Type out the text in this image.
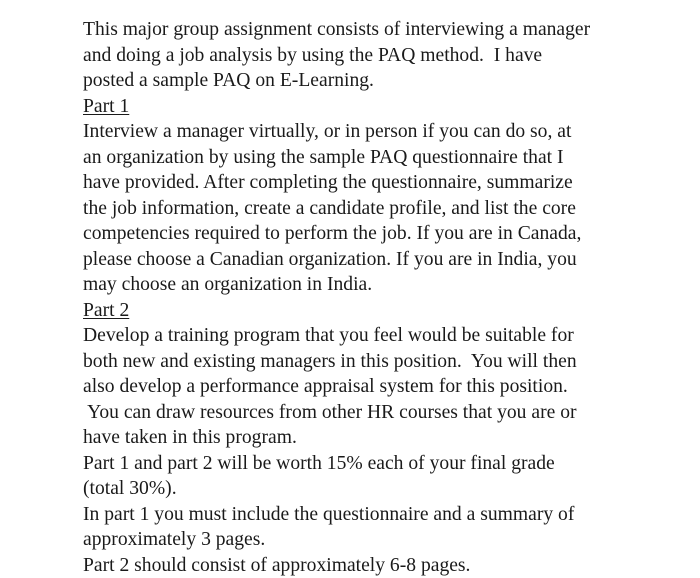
This major group assignment consists of interviewing a manager
and doing a job analysis by using the PAQ method.  I have
posted a sample PAQ on E-Learning.
Part 1
Interview a manager virtually, or in person if you can do so, at
an organization by using the sample PAQ questionnaire that I
have provided. After completing the questionnaire, summarize
the job information, create a candidate profile, and list the core
competencies required to perform the job. If you are in Canada,
please choose a Canadian organization. If you are in India, you
may choose an organization in India.
Part 2
Develop a training program that you feel would be suitable for
both new and existing managers in this position.  You will then
also develop a performance appraisal system for this position.
You can draw resources from other HR courses that you are or
have taken in this program.
Part 1 and part 2 will be worth 15% each of your final grade
(total 30%).
In part 1 you must include the questionnaire and a summary of
approximately 3 pages.
Part 2 should consist of approximately 6-8 pages.
